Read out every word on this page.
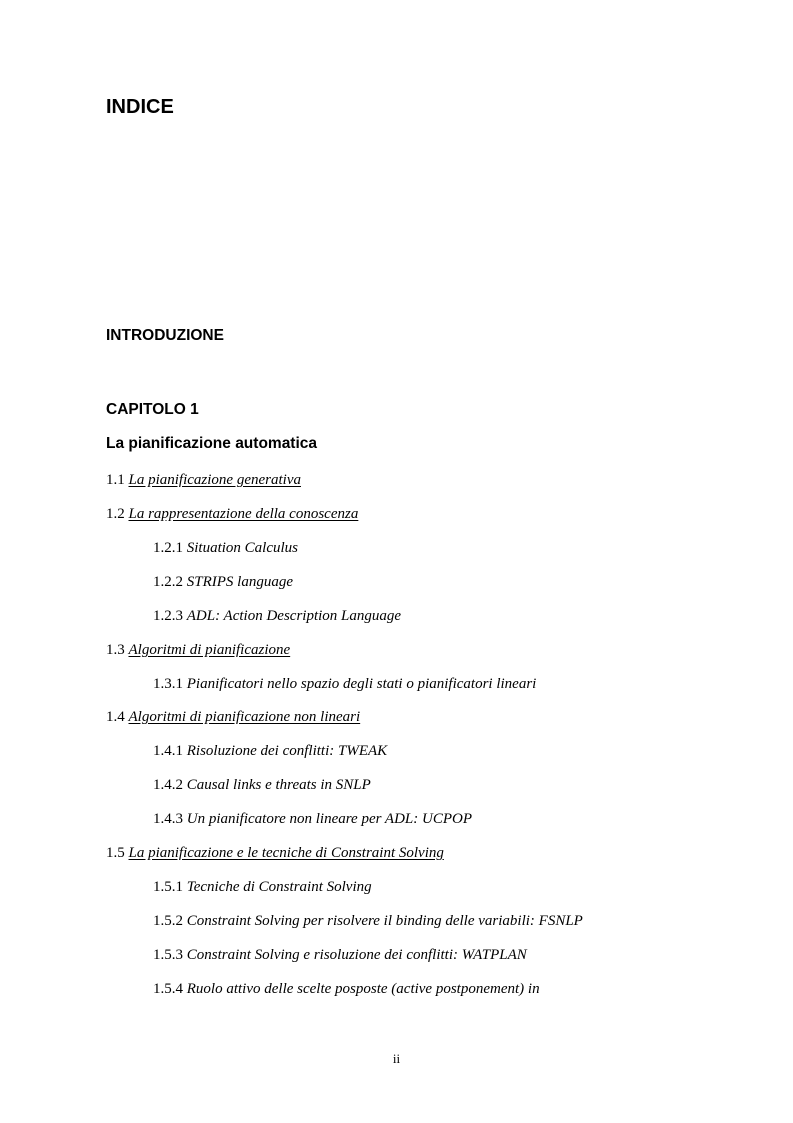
INDICE
INTRODUZIONE
CAPITOLO 1
La pianificazione automatica

1.1 La pianificazione generativa

1.2 La rappresentazione della conoscenza

1.2.1 Situation Calculus

1.2.2 STRIPS language

1.2.3 ADL: Action Description Language

1.3 Algoritmi di pianificazione

1.3.1 Pianificatori nello spazio degli stati o pianificatori lineari

1.4 Algoritmi di pianificazione non lineari

1.4.1 Risoluzione dei conflitti: TWEAK

1.4.2 Causal links e threats in SNLP

1.4.3 Un pianificatore non lineare per ADL: UCPOP

1.5 La pianificazione e le tecniche di Constraint Solving

1.5.1 Tecniche di Constraint Solving

1.5.2 Constraint Solving per risolvere il binding delle variabili: FSNLP

1.5.3 Constraint Solving e risoluzione dei conflitti: WATPLAN

1.5.4 Ruolo attivo delle scelte posposte (active postponement) in

ii
